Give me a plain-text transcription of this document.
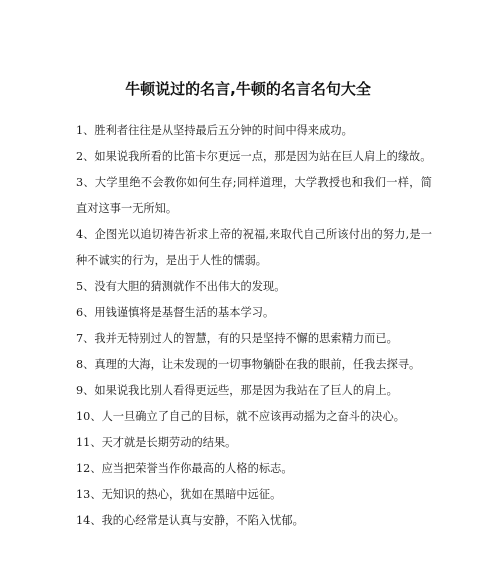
牛顿说过的名言,牛顿的名言名句大全
1、胜利者往往是从坚持最后五分钟的时间中得来成功。
2、如果说我所看的比笛卡尔更远一点，那是因为站在巨人肩上的缘故。
3、大学里绝不会教你如何生存;同样道理，大学教授也和我们一样，简直对这事一无所知。
4、企图光以追切祷告祈求上帝的祝福,来取代自己所该付出的努力,是一种不诚实的行为，是出于人性的懦弱。
5、没有大胆的猜测就作不出伟大的发现。
6、用钱谨慎将是基督生活的基本学习。
7、我并无特别过人的智慧，有的只是坚持不懈的思索精力而已。
8、真理的大海，让未发现的一切事物躺卧在我的眼前，任我去探寻。
9、如果说我比别人看得更远些，那是因为我站在了巨人的肩上。
10、人一旦确立了自己的目标，就不应该再动摇为之奋斗的决心。
11、天才就是长期劳动的结果。
12、应当把荣誉当作你最高的人格的标志。
13、无知识的热心，犹如在黑暗中远征。
14、我的心经常是认真与安静，不陷入忧郁。
